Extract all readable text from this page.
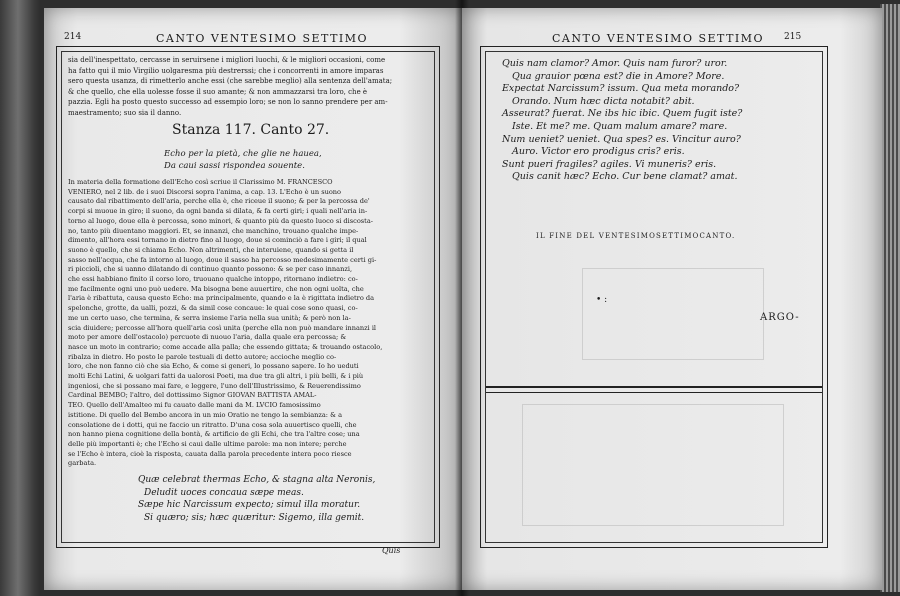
214	CANTO VENTESIMO SETTIMO

sia dell'inespettato, cercasse in seruirsene i migliori luochi, & le migliori occasioni, come

ha fatto qui il mio Virgilio uolgaresma più destrerssi; che i concorrenti in amore imparas

sero questa usanza, di rimetterlo anche essi (che sarebbe meglio) alla sentenza dell'amata;

& che quello, che ella uolesse fosse il suo amante; & non ammazzarsi tra loro, che è

pazzia. Egli ha posto questo successo ad essempio loro; se non lo sanno prendere per am-

maestramento; suo sia il danno.

Stanza 117. Canto 27.
Echo per la pietà, che glie ne hauea,
Da caui sassi rispondea souente.

In materia della formatione dell'Echo così scriue il Clarissimo M. FRANCESCO

VENIERO, nel 2 lib. de i suoi Discorsi sopra l'anima, a cap. 13. L'Echo è un suono

causato dal ribattimento dell'aria, perche ella è, che riceue il suono; & per la percossa de'

corpi si muoue in giro; il suono, da ogni banda si dilata, & fa certi giri; i quali nell'aria in-

torno al luogo, doue ella è percossa, sono minori, & quanto più da questo luoco si discosta-

no, tanto più diuentano maggiori. Et, se innanzi, che manchino, trouano qualche impe-

dimento, all'hora essi tornano in dietro fino al luogo, doue si cominciò a fare i giri; il qual

suono è quello, che si chiama Echo. Non altrimenti, che interuiene, quando si getta il

sasso nell'acqua, che fa intorno al luogo, doue il sasso ha percosso medesimamente certi gi-

ri piccioli, che si uanno dilatando di continuo quanto possono: & se per caso innanzi,

che essi habbiano finito il corso loro, truouano qualche intoppo, ritornano indietro: co-

me facilmente ogni uno può uedere. Ma bisogna bene auuertire, che non ogni uolta, che

l'aria è ribattuta, causa questo Echo: ma principalmente, quando e la è rigittata indietro da

spelonche, grotte, da ualli, pozzi, & da simil cose concaue: le quai cose sono quasi, co-

me un certo uaso, che termina, & serra insieme l'aria nella sua unità; & però non la-

scia diuidere; percosse all'hora quell'aria così unita (perche ella non può mandare innanzi il

moto per amore dell'ostacolo) percuote di nuouo l'aria, dalla quale era percossa; &

nasce un moto in contrario; come accade alla palla; che essendo gittata; & trouando ostacolo,

ribalza in dietro. Ho posto le parole testuali di detto autore; accioche meglio co-

loro, che non fanno ciò che sia Echo, & come si generi, lo possano sapere. Io ho ueduti

molti Echi Latini, & uolgari fatti da ualorosi Poeti, ma due tra gli altri, i più belli, & i più

ingeniosi, che si possano mai fare, e leggere, l'uno dell'Illustrissimo, & Reuerendissimo

Cardinal BEMBO; l'altro, del dottissimo Signor GIOVAN BATTISTA AMAL-

TEO. Quello dell'Amalteo mi fu cauato dalle mani da M. LVCIO famosissimo

istitione. Di quello del Bembo ancora in un mio Oratio ne tengo la sembianza: & a

consolatione de i dotti, qui ne faccio un ritratto. D'una cosa sola auuertisco quelli, che

non hanno piena cognitione della bontà, & artificio de gli Echi, che tra l'altre cose; una

delle più importanti è; che l'Echo si caui dalle ultime parole: ma non intere; perche

se l'Echo è intera, cioè la risposta, cauata dalla parola precedente intera poco riesce

garbata.

Quæ celebrat thermas Echo, & stagna alta Neronis,
Deludit uoces concaua sæpe meas.
Sæpe hic Narcissum expecto; simul illa moratur.
Si quæro; sis; hæc quæritur: Sigemo, illa gemit.
Quis
CANTO VENTESIMO SETTIMO 215
Quis nam clamor? Amor. Quis nam furor? uror.
Qua grauior pœna est? die in Amore? More.
Expectat Narcissum? issum. Qua meta morando?
Orando. Num hæc dicta notabit? abit.
Asseurat? fuerat. Ne ibs hic ibic. Quem fugit iste?
Iste. Et me? me. Quam malum amare? mare.
Num ueniet? ueniet. Qua spes? es. Vincitur auro?
Auro. Victor ero prodigus cris? eris.
Sunt pueri fragiles? agiles. Vi muneris? eris.
Quis canit hæc? Echo. Cur bene clamat? amat.
IL FINE DEL VENTESIMOSETTIMOCANTO.
• :
ARGO-
